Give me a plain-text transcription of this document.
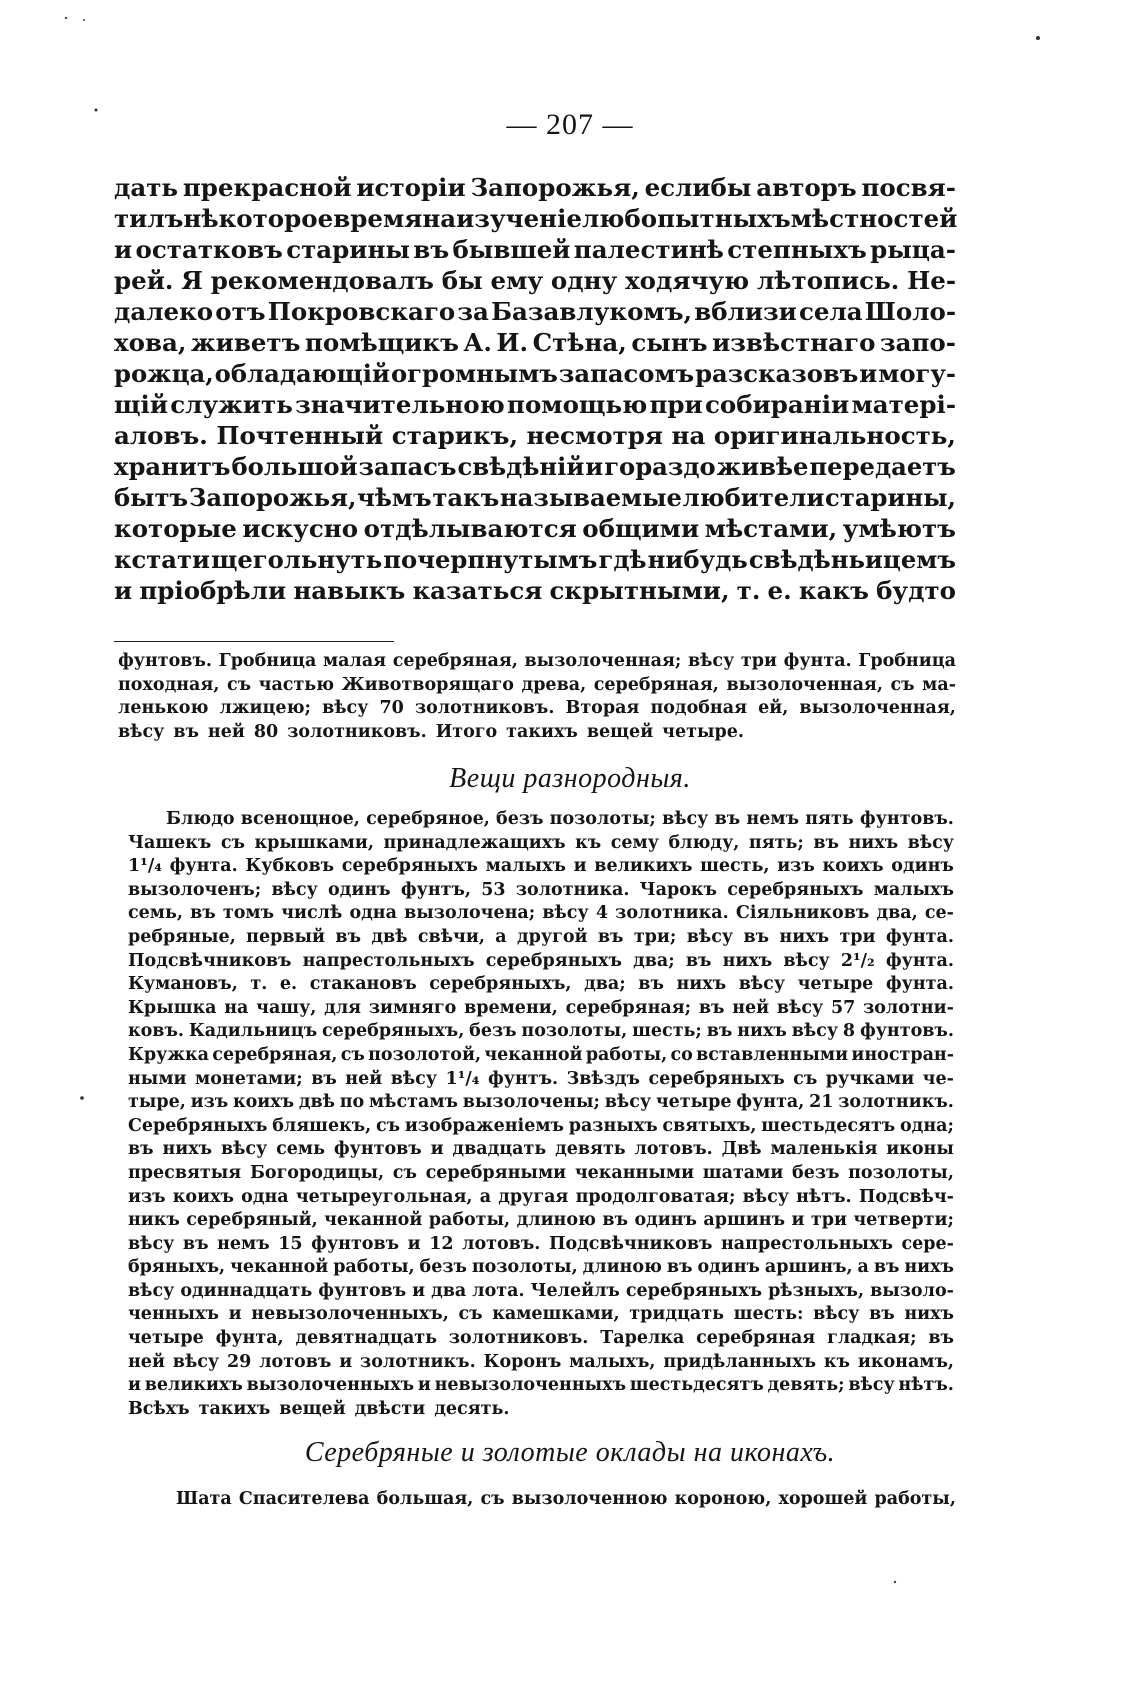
— 207 —
дать прекрасной исторіи Запорожья, еслибы авторъ посвя-
тилъ нѣкоторое время на изученіе любопытныхъ мѣстностей
и остатковъ старины въ бывшей палестинѣ степныхъ рыца-
рей. Я рекомендовалъ бы ему одну ходячую лѣтопись. Не-
далеко отъ Покровскаго за Базавлукомъ, вблизи села Шоло-
хова, живетъ помѣщикъ А. И. Стѣна, сынъ извѣстнаго запо-
рожца, обладающій огромнымъ запасомъ разсказовъ и могу-
щій служить значительною помощью при собираніи матері-
аловъ. Почтенный старикъ, несмотря на оригинальность,
хранитъ большой запасъ свѣдѣній и гораздо живѣе передаетъ
бытъ Запорожья, чѣмъ такъ называемые любители старины,
которые искусно отдѣлываются общими мѣстами, умѣютъ
кстати щегольнуть почерпнутымъ гдѣ нибудь свѣдѣньицемъ
и пріобрѣли навыкъ казаться скрытными, т. е. какъ будто
фунтовъ. Гробница малая серебряная, вызолоченная; вѣсу три фунта. Гробница
походная, съ частью Животворящаго древа, серебряная, вызолоченная, съ ма-
ленькою лжицею; вѣсу 70 золотниковъ. Вторая подобная ей, вызолоченная,
вѣсу въ ней 80 золотниковъ. Итого такихъ вещей четыре.
Вещи разнородныя.
Блюдо всенощное, серебряное, безъ позолоты; вѣсу въ немъ пять фунтовъ.
Чашекъ съ крышками, принадлежащихъ къ сему блюду, пять; въ нихъ вѣсу
1¹/₄ фунта. Кубковъ серебряныхъ малыхъ и великихъ шесть, изъ коихъ одинъ
вызолоченъ; вѣсу одинъ фунтъ, 53 золотника. Чарокъ серебряныхъ малыхъ
семь, въ томъ числѣ одна вызолочена; вѣсу 4 золотника. Сіяльниковъ два, се-
ребряные, первый въ двѣ свѣчи, а другой въ три; вѣсу въ нихъ три фунта.
Подсвѣчниковъ напрестольныхъ серебряныхъ два; въ нихъ вѣсу 2¹/₂ фунта.
Кумановъ, т. е. стакановъ серебряныхъ, два; въ нихъ вѣсу четыре фунта.
Крышка на чашу, для зимняго времени, серебряная; въ ней вѣсу 57 золотни-
ковъ. Кадильницъ серебряныхъ, безъ позолоты, шесть; въ нихъ вѣсу 8 фунтовъ.
Кружка серебряная, съ позолотой, чеканной работы, со вставленными иностран-
ными монетами; въ ней вѣсу 1¹/₄ фунтъ. Звѣздъ серебряныхъ съ ручками че-
тыре, изъ коихъ двѣ по мѣстамъ вызолочены; вѣсу четыре фунта, 21 золотникъ.
Серебряныхъ бляшекъ, съ изображеніемъ разныхъ святыхъ, шестьдесятъ одна;
въ нихъ вѣсу семь фунтовъ и двадцать девять лотовъ. Двѣ маленькія иконы
пресвятыя Богородицы, съ серебряными чеканными шатами безъ позолоты,
изъ коихъ одна четыреугольная, а другая продолговатая; вѣсу нѣтъ. Подсвѣч-
никъ серебряный, чеканной работы, длиною въ одинъ аршинъ и три четверти;
вѣсу въ немъ 15 фунтовъ и 12 лотовъ. Подсвѣчниковъ напрестольныхъ сере-
бряныхъ, чеканной работы, безъ позолоты, длиною въ одинъ аршинъ, а въ нихъ
вѣсу одиннадцать фунтовъ и два лота. Челейлъ серебряныхъ рѣзныхъ, вызоло-
ченныхъ и невызолоченныхъ, съ камешками, тридцать шесть: вѣсу въ нихъ
четыре фунта, девятнадцать золотниковъ. Тарелка серебряная гладкая; въ
ней вѣсу 29 лотовъ и золотникъ. Коронъ малыхъ, придѣланныхъ къ иконамъ,
и великихъ вызолоченныхъ и невызолоченныхъ шестьдесятъ девять; вѣсу нѣтъ.
Всѣхъ такихъ вещей двѣсти десять.
Серебряные и золотые оклады на иконахъ.
Шата Спасителева большая, съ вызолоченною короною, хорошей работы,
